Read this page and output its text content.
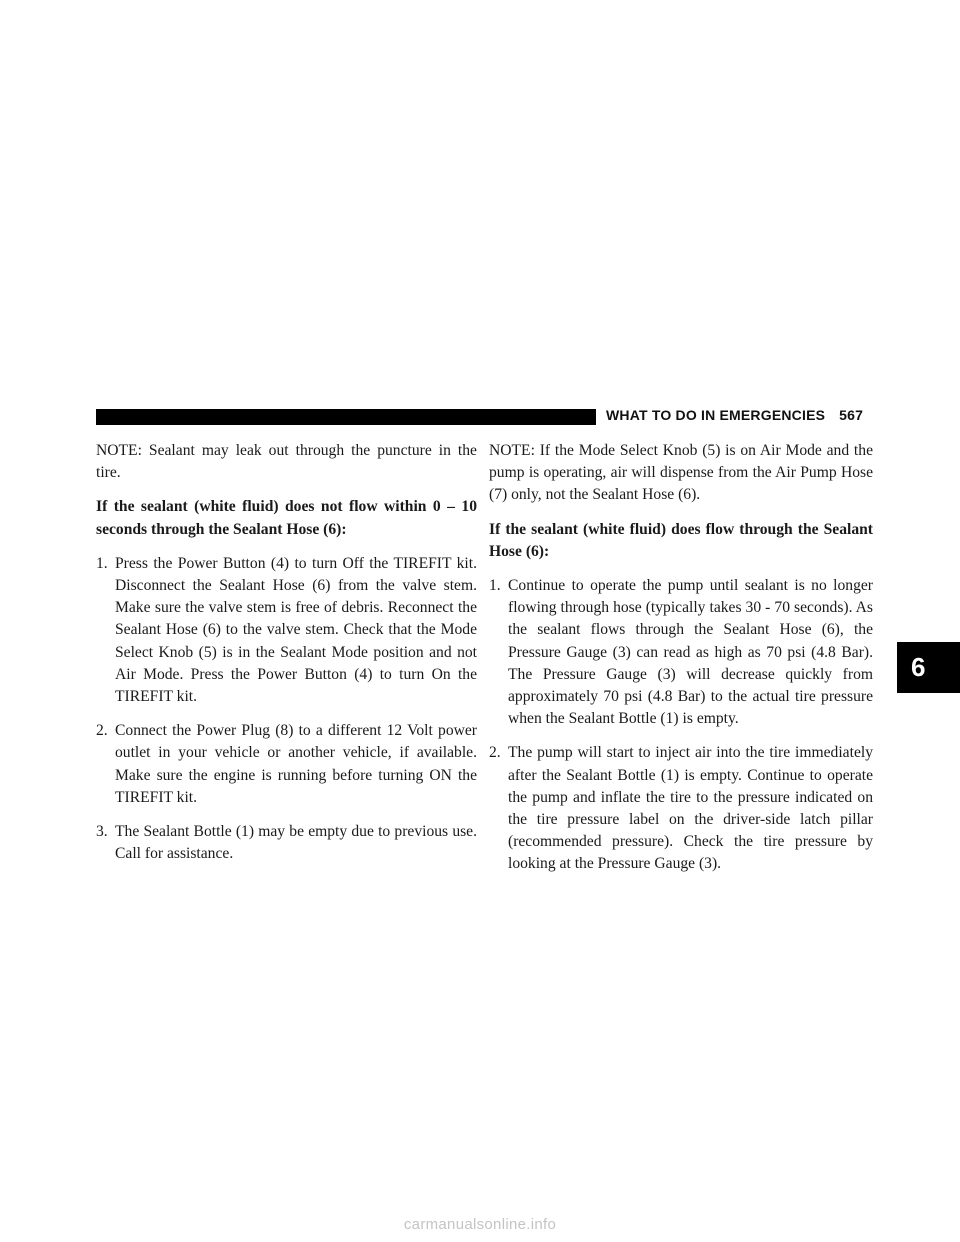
WHAT TO DO IN EMERGENCIES 567

NOTE: Sealant may leak out through the puncture in the tire.

If the sealant (white fluid) does not flow within 0 – 10 seconds through the Sealant Hose (6):

1. Press the Power Button (4) to turn Off the TIREFIT kit. Disconnect the Sealant Hose (6) from the valve stem. Make sure the valve stem is free of debris. Reconnect the Sealant Hose (6) to the valve stem. Check that the Mode Select Knob (5) is in the Sealant Mode position and not Air Mode. Press the Power Button (4) to turn On the TIREFIT kit.

2. Connect the Power Plug (8) to a different 12 Volt power outlet in your vehicle or another vehicle, if available. Make sure the engine is running before turning ON the TIREFIT kit.

3. The Sealant Bottle (1) may be empty due to previous use. Call for assistance.

NOTE: If the Mode Select Knob (5) is on Air Mode and the pump is operating, air will dispense from the Air Pump Hose (7) only, not the Sealant Hose (6).

If the sealant (white fluid) does flow through the Sealant Hose (6):

1. Continue to operate the pump until sealant is no longer flowing through hose (typically takes 30 - 70 seconds). As the sealant flows through the Sealant Hose (6), the Pressure Gauge (3) can read as high as 70 psi (4.8 Bar). The Pressure Gauge (3) will decrease quickly from approximately 70 psi (4.8 Bar) to the actual tire pressure when the Sealant Bottle (1) is empty.

2. The pump will start to inject air into the tire immediately after the Sealant Bottle (1) is empty. Continue to operate the pump and inflate the tire to the pressure indicated on the tire pressure label on the driver-side latch pillar (recommended pressure). Check the tire pressure by looking at the Pressure Gauge (3).

6
carmanualsonline.info
